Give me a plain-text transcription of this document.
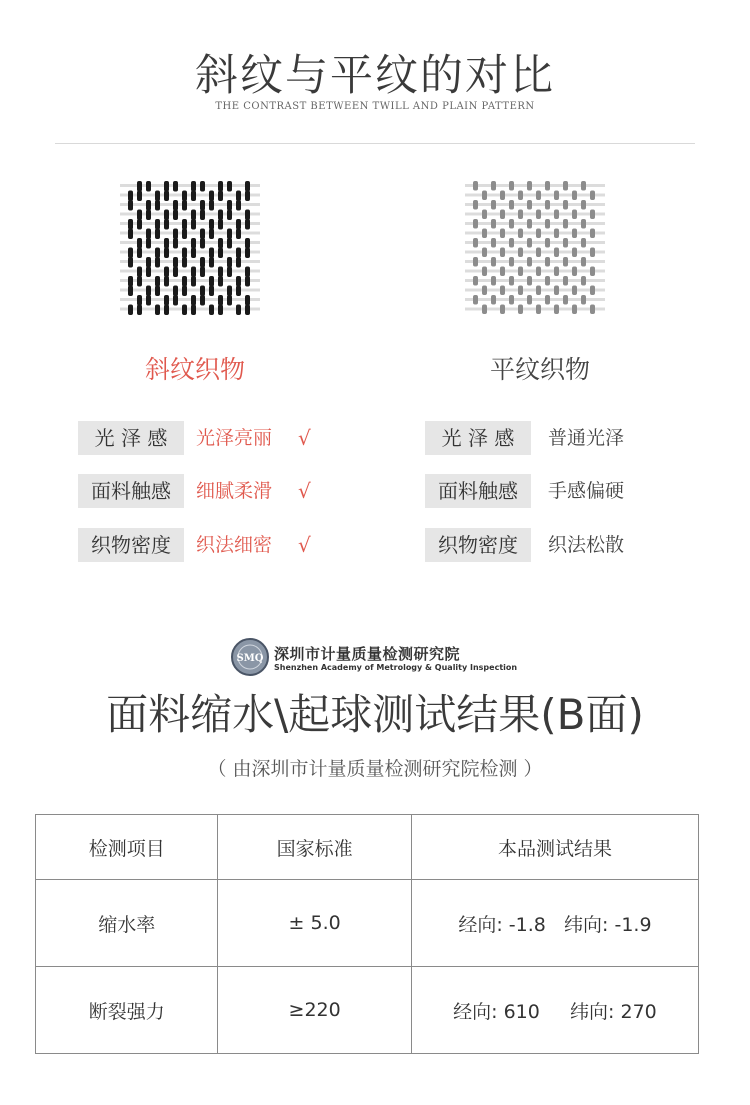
斜纹与平纹的对比
THE CONTRAST BETWEEN TWILL AND PLAIN PATTERN
斜纹织物	平纹织物
光 泽 感	光泽亮丽 √
面料触感	细腻柔滑 √
织物密度	织法细密 √
光 泽 感	普通光泽
面料触感	手感偏硬
织物密度	织法松散
SMQ 深圳市计量质量检测研究院
Shenzhen Academy of Metrology & Quality Inspection
面料缩水\起球测试结果(B面)
（ 由深圳市计量质量检测研究院检测 ）
检测项目	国家标准	本品测试结果
缩水率	± 5.0	经向: -1.8 纬向: -1.9
断裂强力	≥220	经向: 610 纬向: 270
